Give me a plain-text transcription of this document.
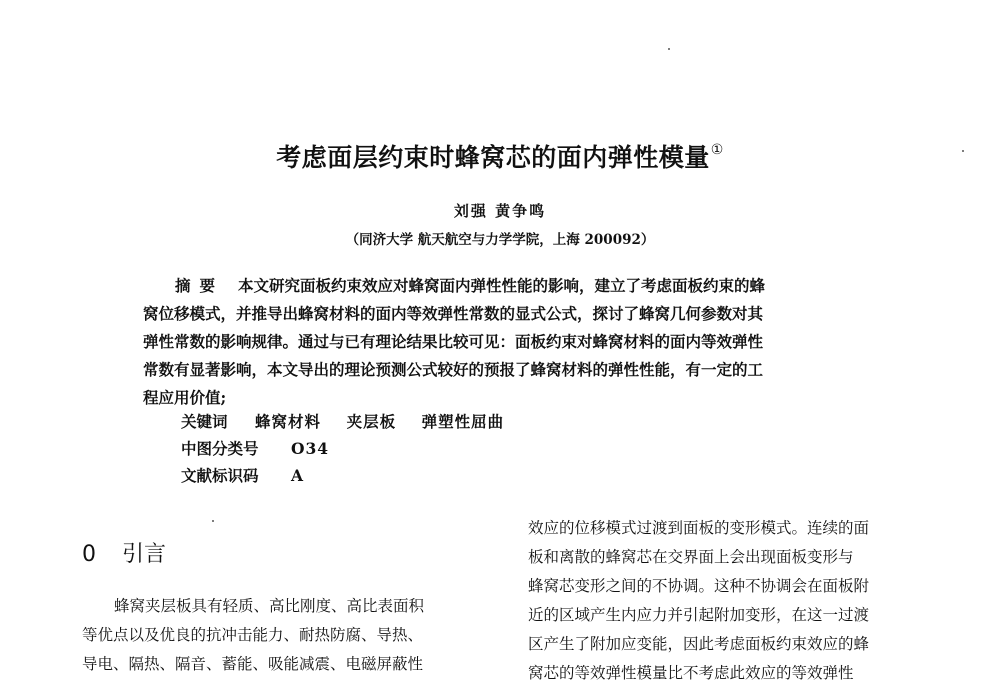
考虑面层约束时蜂窝芯的面内弹性模量①
刘强 黄争鸣
（同济大学 航天航空与力学学院，上海 200092）
摘要 本文研究面板约束效应对蜂窝面内弹性性能的影响，建立了考虑面板约束的蜂
窝位移模式，并推导出蜂窝材料的面内等效弹性常数的显式公式，探讨了蜂窝几何参数对其
弹性常数的影响规律。通过与已有理论结果比较可见：面板约束对蜂窝材料的面内等效弹性
常数有显著影响，本文导出的理论预测公式较好的预报了蜂窝材料的弹性性能，有一定的工
程应用价值;
关键词 蜂窝材料    夹层板    弹塑性屈曲
中图分类号 O34
文献标识码 A
0 引言
蜂窝夹层板具有轻质、高比刚度、高比表面积
等优点以及优良的抗冲击能力、耐热防腐、导热、
导电、隔热、隔音、蓄能、吸能减震、电磁屏蔽性
效应的位移模式过渡到面板的变形模式。连续的面
板和离散的蜂窝芯在交界面上会出现面板变形与
蜂窝芯变形之间的不协调。这种不协调会在面板附
近的区域产生内应力并引起附加变形，在这一过渡
区产生了附加应变能，因此考虑面板约束效应的蜂
窝芯的等效弹性模量比不考虑此效应的等效弹性
